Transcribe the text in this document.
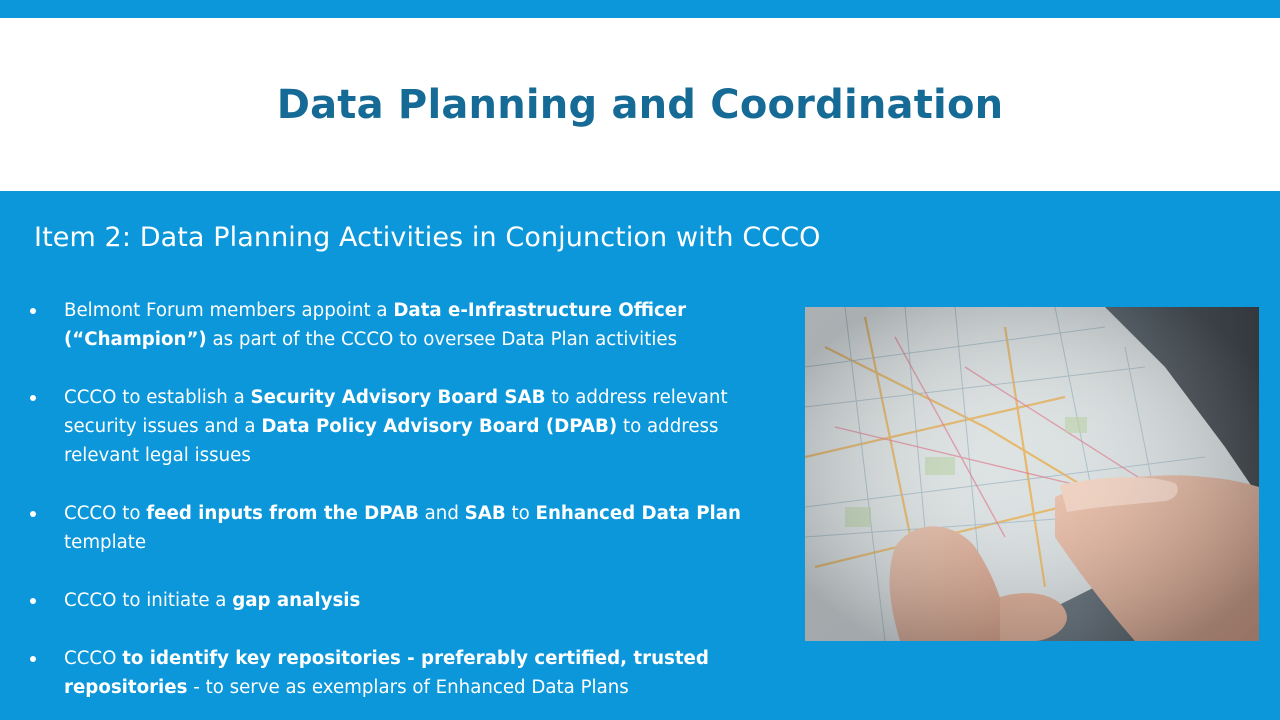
Data Planning and Coordination
Item 2: Data Planning Activities in Conjunction with CCCO
Belmont Forum members appoint a Data e-Infrastructure Officer (“Champion”) as part of the CCCO to oversee Data Plan activities
CCCO to establish a Security Advisory Board SAB to address relevant security issues and a Data Policy Advisory Board (DPAB) to address relevant legal issues
CCCO to feed inputs from the DPAB and SAB to Enhanced Data Plan template
CCCO to initiate a gap analysis
CCCO to identify key repositories - preferably certified, trusted repositories - to serve as exemplars of Enhanced Data Plans
